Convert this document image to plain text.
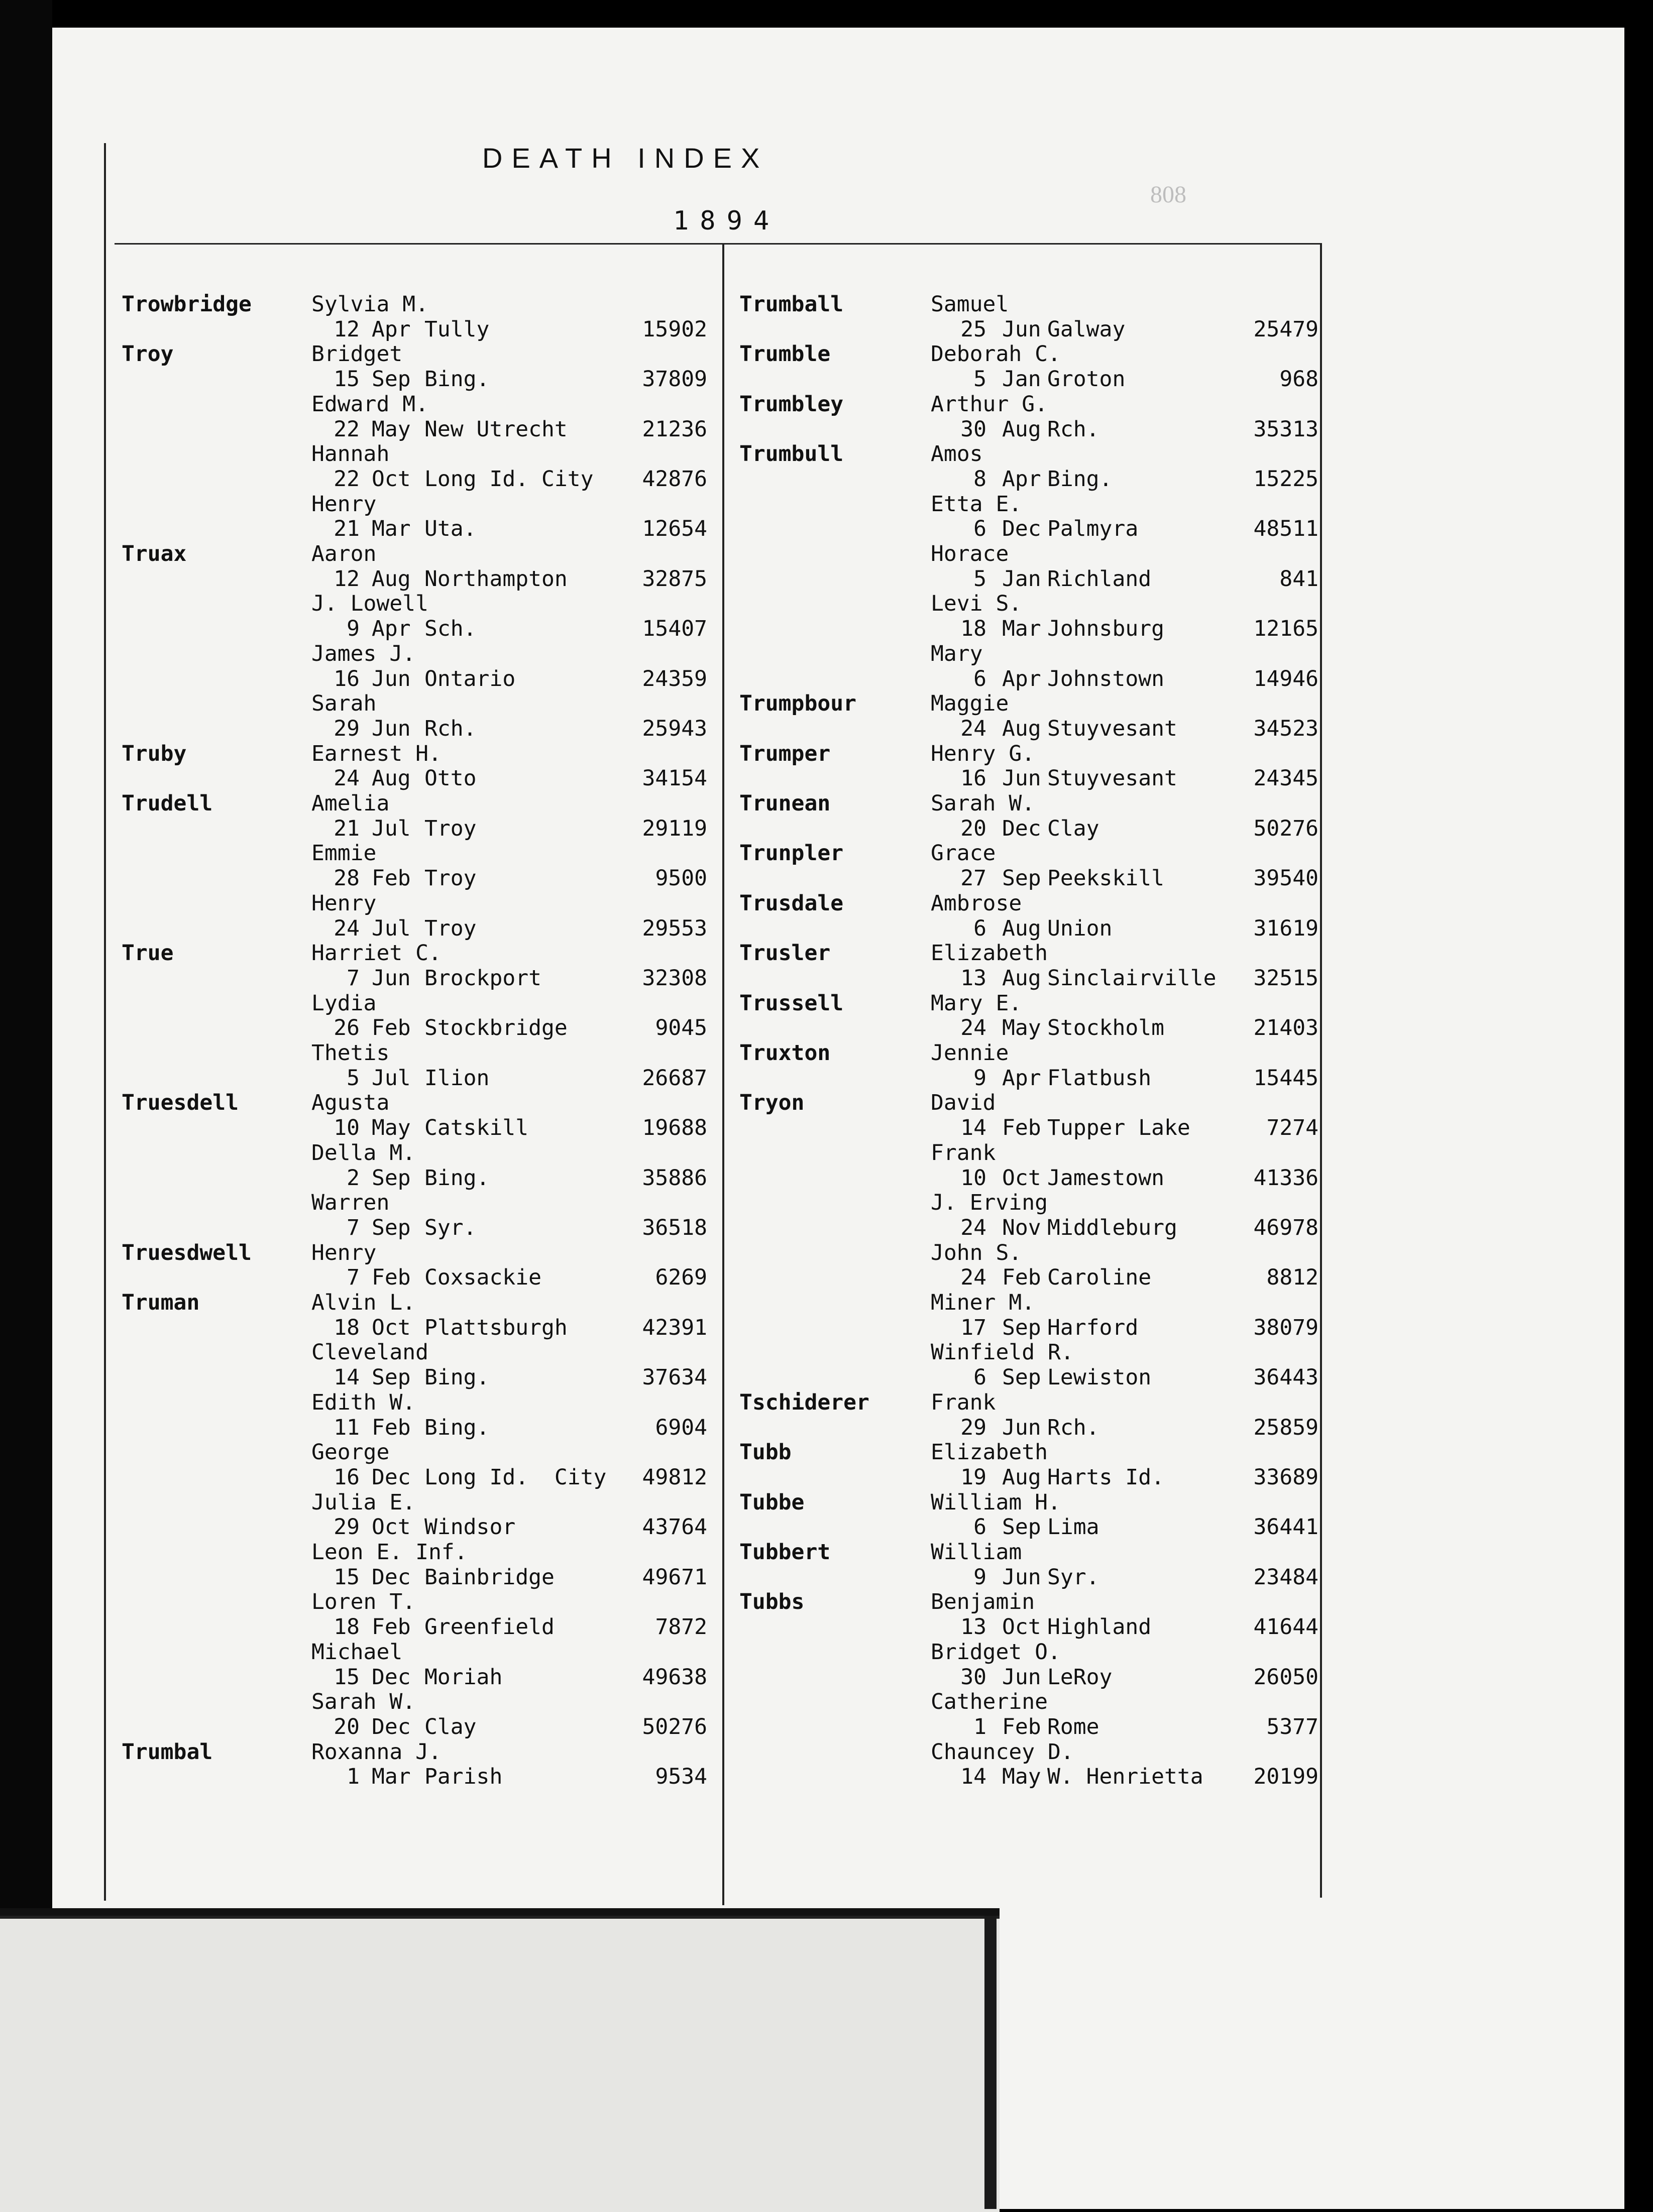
DEATH INDEX
1894
808
Trowbridge	Sylvia M.
12 Apr Tully	15902
Troy	Bridget
15 Sep Bing.	37809
Edward M.
22 May New Utrecht	21236
Hannah
22 Oct Long Id. City	42876
Henry
21 Mar Uta.	12654
Truax	Aaron
12 Aug Northampton	32875
J. Lowell
9 Apr Sch.	15407
James J.
16 Jun Ontario	24359
Sarah
29 Jun Rch.	25943
Truby	Earnest H.
24 Aug Otto	34154
Trudell	Amelia
21 Jul Troy	29119
Emmie
28 Feb Troy	9500
Henry
24 Jul Troy	29553
True	Harriet C.
7 Jun Brockport	32308
Lydia
26 Feb Stockbridge	9045
Thetis
5 Jul Ilion	26687
Truesdell	Agusta
10 May Catskill	19688
Della M.
2 Sep Bing.	35886
Warren
7 Sep Syr.	36518
Truesdwell	Henry
7 Feb Coxsackie	6269
Truman	Alvin L.
18 Oct Plattsburgh	42391
Cleveland
14 Sep Bing.	37634
Edith W.
11 Feb Bing.	6904
George
16 Dec Long Id.  City	49812
Julia E.
29 Oct Windsor	43764
Leon E. Inf.
15 Dec Bainbridge	49671
Loren T.
18 Feb Greenfield	7872
Michael
15 Dec Moriah	49638
Sarah W.
20 Dec Clay	50276
Trumbal	Roxanna J.
1 Mar Parish	9534
Trumball	Samuel
25 Jun Galway	25479
Trumble	Deborah C.
5 Jan Groton	968
Trumbley	Arthur G.
30 Aug Rch.	35313
Trumbull	Amos
8 Apr Bing.	15225
Etta E.
6 Dec Palmyra	48511
Horace
5 Jan Richland	841
Levi S.
18 Mar Johnsburg	12165
Mary
6 Apr Johnstown	14946
Trumpbour	Maggie
24 Aug Stuyvesant	34523
Trumper	Henry G.
16 Jun Stuyvesant	24345
Trunean	Sarah W.
20 Dec Clay	50276
Trunpler	Grace
27 Sep Peekskill	39540
Trusdale	Ambrose
6 Aug Union	31619
Trusler	Elizabeth
13 Aug Sinclairville	32515
Trussell	Mary E.
24 May Stockholm	21403
Truxton	Jennie
9 Apr Flatbush	15445
Tryon	David
14 Feb Tupper Lake	7274
Frank
10 Oct Jamestown	41336
J. Erving
24 Nov Middleburg	46978
John S.
24 Feb Caroline	8812
Miner M.
17 Sep Harford	38079
Winfield R.
6 Sep Lewiston	36443
Tschiderer	Frank
29 Jun Rch.	25859
Tubb	Elizabeth
19 Aug Harts Id.	33689
Tubbe	William H.
6 Sep Lima	36441
Tubbert	William
9 Jun Syr.	23484
Tubbs	Benjamin
13 Oct Highland	41644
Bridget O.
30 Jun LeRoy	26050
Catherine
1 Feb Rome	5377
Chauncey D.
14 May W. Henrietta	20199
